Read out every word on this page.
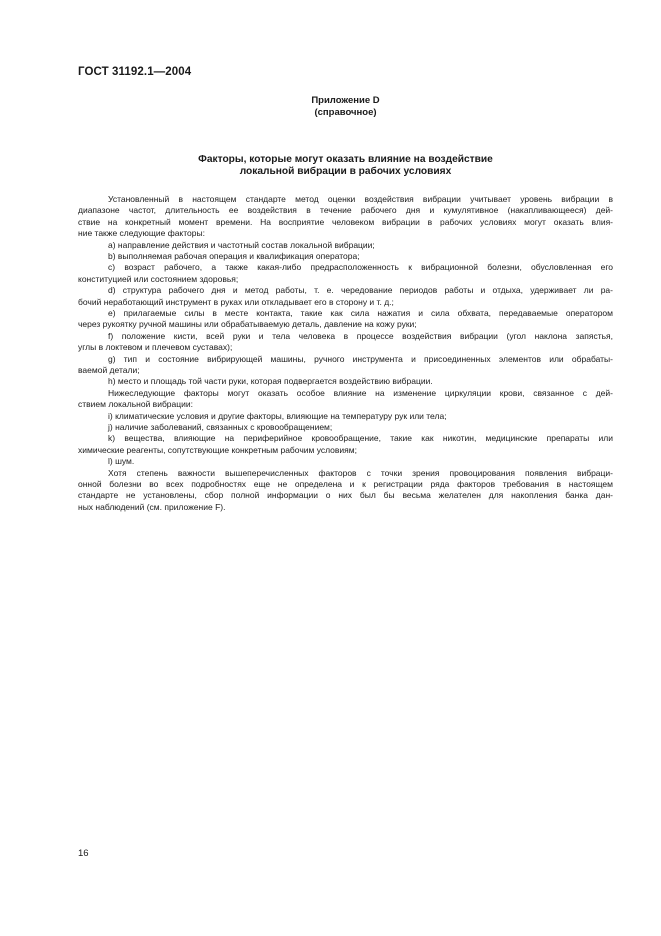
ГОСТ 31192.1—2004
Приложение D
(справочное)
Факторы, которые могут оказать влияние на воздействие
локальной вибрации в рабочих условиях
Установленный в настоящем стандарте метод оценки воздействия вибрации учитывает уровень вибрации в
диапазоне частот, длительность ее воздействия в течение рабочего дня и кумулятивное (накапливающееся) дей-
ствие на конкретный момент времени. На восприятие человеком вибрации в рабочих условиях могут оказать влия-
ние также следующие факторы:
a) направление действия и частотный состав локальной вибрации;
b) выполняемая рабочая операция и квалификация оператора;
c) возраст рабочего, а также какая-либо предрасположенность к вибрационной болезни, обусловленная его
конституцией или состоянием здоровья;
d) структура рабочего дня и метод работы, т. е. чередование периодов работы и отдыха, удерживает ли ра-
бочий неработающий инструмент в руках или откладывает его в сторону и т. д.;
e) прилагаемые силы в месте контакта, такие как сила нажатия и сила обхвата, передаваемые оператором
через рукоятку ручной машины или обрабатываемую деталь, давление на кожу руки;
f) положение кисти, всей руки и тела человека в процессе воздействия вибрации (угол наклона запястья,
углы в локтевом и плечевом суставах);
g) тип и состояние вибрирующей машины, ручного инструмента и присоединенных элементов или обрабаты-
ваемой детали;
h) место и площадь той части руки, которая подвергается воздействию вибрации.
Нижеследующие факторы могут оказать особое влияние на изменение циркуляции крови, связанное с дей-
ствием локальной вибрации:
i) климатические условия и другие факторы, влияющие на температуру рук или тела;
j) наличие заболеваний, связанных с кровообращением;
k) вещества, влияющие на периферийное кровообращение, такие как никотин, медицинские препараты или
химические реагенты, сопутствующие конкретным рабочим условиям;
l) шум.
Хотя степень важности вышеперечисленных факторов с точки зрения провоцирования появления вибраци-
онной болезни во всех подробностях еще не определена и к регистрации ряда факторов требования в настоящем
стандарте не установлены, сбор полной информации о них был бы весьма желателен для накопления банка дан-
ных наблюдений (см. приложение F).
16
